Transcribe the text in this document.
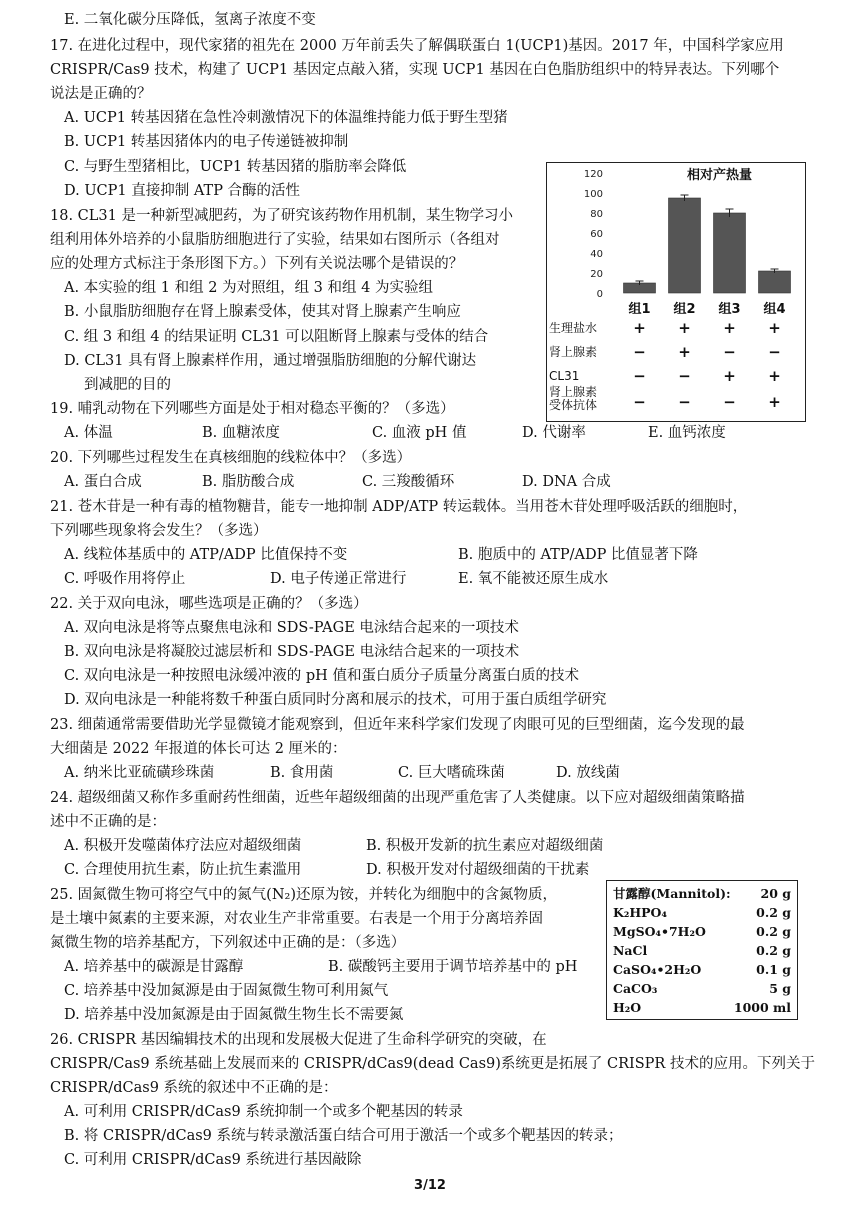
E. 二氧化碳分压降低，氢离子浓度不变
17. 在进化过程中，现代家猪的祖先在 2000 万年前丢失了解偶联蛋白 1(UCP1)基因。2017 年，中国科学家应用
CRISPR/Cas9 技术，构建了 UCP1 基因定点敲入猪，实现 UCP1 基因在白色脂肪组织中的特异表达。下列哪个
说法是正确的？
A. UCP1 转基因猪在急性冷刺激情况下的体温维持能力低于野生型猪
B. UCP1 转基因猪体内的电子传递链被抑制
C. 与野生型猪相比，UCP1 转基因猪的脂肪率会降低
D. UCP1 直接抑制 ATP 合酶的活性
18. CL31 是一种新型减肥药，为了研究该药物作用机制，某生物学习小
组利用体外培养的小鼠脂肪细胞进行了实验，结果如右图所示（各组对
应的处理方式标注于条形图下方。）下列有关说法哪个是错误的？
A. 本实验的组 1 和组 2 为对照组，组 3 和组 4 为实验组
B. 小鼠脂肪细胞存在肾上腺素受体，使其对肾上腺素产生响应
C. 组 3 和组 4 的结果证明 CL31 可以阻断肾上腺素与受体的结合
D. CL31 具有肾上腺素样作用，通过增强脂肪细胞的分解代谢达
到减肥的目的
19. 哺乳动物在下列哪些方面是处于相对稳态平衡的？（多选）
A. 体温	B. 血糖浓度	C. 血液 pH 值	D. 代谢率	E. 血钙浓度
20. 下列哪些过程发生在真核细胞的线粒体中？（多选）
A. 蛋白合成	B. 脂肪酸合成	C. 三羧酸循环	D. DNA 合成
21. 苍木苷是一种有毒的植物糖昔，能专一地抑制 ADP/ATP 转运载体。当用苍木苷处理呼吸活跃的细胞时，
下列哪些现象将会发生？（多选）
A. 线粒体基质中的 ATP/ADP 比值保持不变	B. 胞质中的 ATP/ADP 比值显著下降
C. 呼吸作用将停止	D. 电子传递正常进行	E. 氧不能被还原生成水
22. 关于双向电泳，哪些选项是正确的？（多选）
A. 双向电泳是将等点聚焦电泳和 SDS-PAGE 电泳结合起来的一项技术
B. 双向电泳是将凝胶过滤层析和 SDS-PAGE 电泳结合起来的一项技术
C. 双向电泳是一种按照电泳缓冲液的 pH 值和蛋白质分子质量分离蛋白质的技术
D. 双向电泳是一种能将数千种蛋白质同时分离和展示的技术，可用于蛋白质组学研究
23. 细菌通常需要借助光学显微镜才能观察到，但近年来科学家们发现了肉眼可见的巨型细菌，迄今发现的最
大细菌是 2022 年报道的体长可达 2 厘米的：
A. 纳米比亚硫磺珍珠菌	B. 食用菌	C. 巨大嗜硫珠菌	D. 放线菌
24. 超级细菌又称作多重耐药性细菌，近些年超级细菌的出现严重危害了人类健康。以下应对超级细菌策略描
述中不正确的是：
A. 积极开发噬菌体疗法应对超级细菌	B. 积极开发新的抗生素应对超级细菌
C. 合理使用抗生素，防止抗生素滥用	D. 积极开发对付超级细菌的干扰素
25. 固氮微生物可将空气中的氮气(N₂)还原为铵，并转化为细胞中的含氮物质，
是土壤中氮素的主要来源，对农业生产非常重要。右表是一个用于分离培养固
氮微生物的培养基配方，下列叙述中正确的是：（多选）
A. 培养基中的碳源是甘露醇	B. 碳酸钙主要用于调节培养基中的 pH
C. 培养基中没加氮源是由于固氮微生物可利用氮气
D. 培养基中没加氮源是由于固氮微生物生长不需要氮
26. CRISPR 基因编辑技术的出现和发展极大促进了生命科学研究的突破，在
CRISPR/Cas9 系统基础上发展而来的 CRISPR/dCas9(dead Cas9)系统更是拓展了 CRISPR 技术的应用。下列关于
CRISPR/dCas9 系统的叙述中不正确的是：
A. 可利用 CRISPR/dCas9 系统抑制一个或多个靶基因的转录
B. 将 CRISPR/dCas9 系统与转录激活蛋白结合可用于激活一个或多个靶基因的转录；
C. 可利用 CRISPR/dCas9 系统进行基因敲除
相对产热量
0
20
40
60
80
100
120
组1 组2 组3 组4
生理盐水 + + + +
肾上腺素 − + − −
CL31	− − + +
肾上腺素
受体抗体 − − − +
甘露醇(Mannitol): 20 g
K₂HPO₄	0.2 g
MgSO₄•7H₂O	0.2 g
NaCl	0.2 g
CaSO₄•2H₂O	0.1 g
CaCO₃	5 g
H₂O	1000 ml
3/12
